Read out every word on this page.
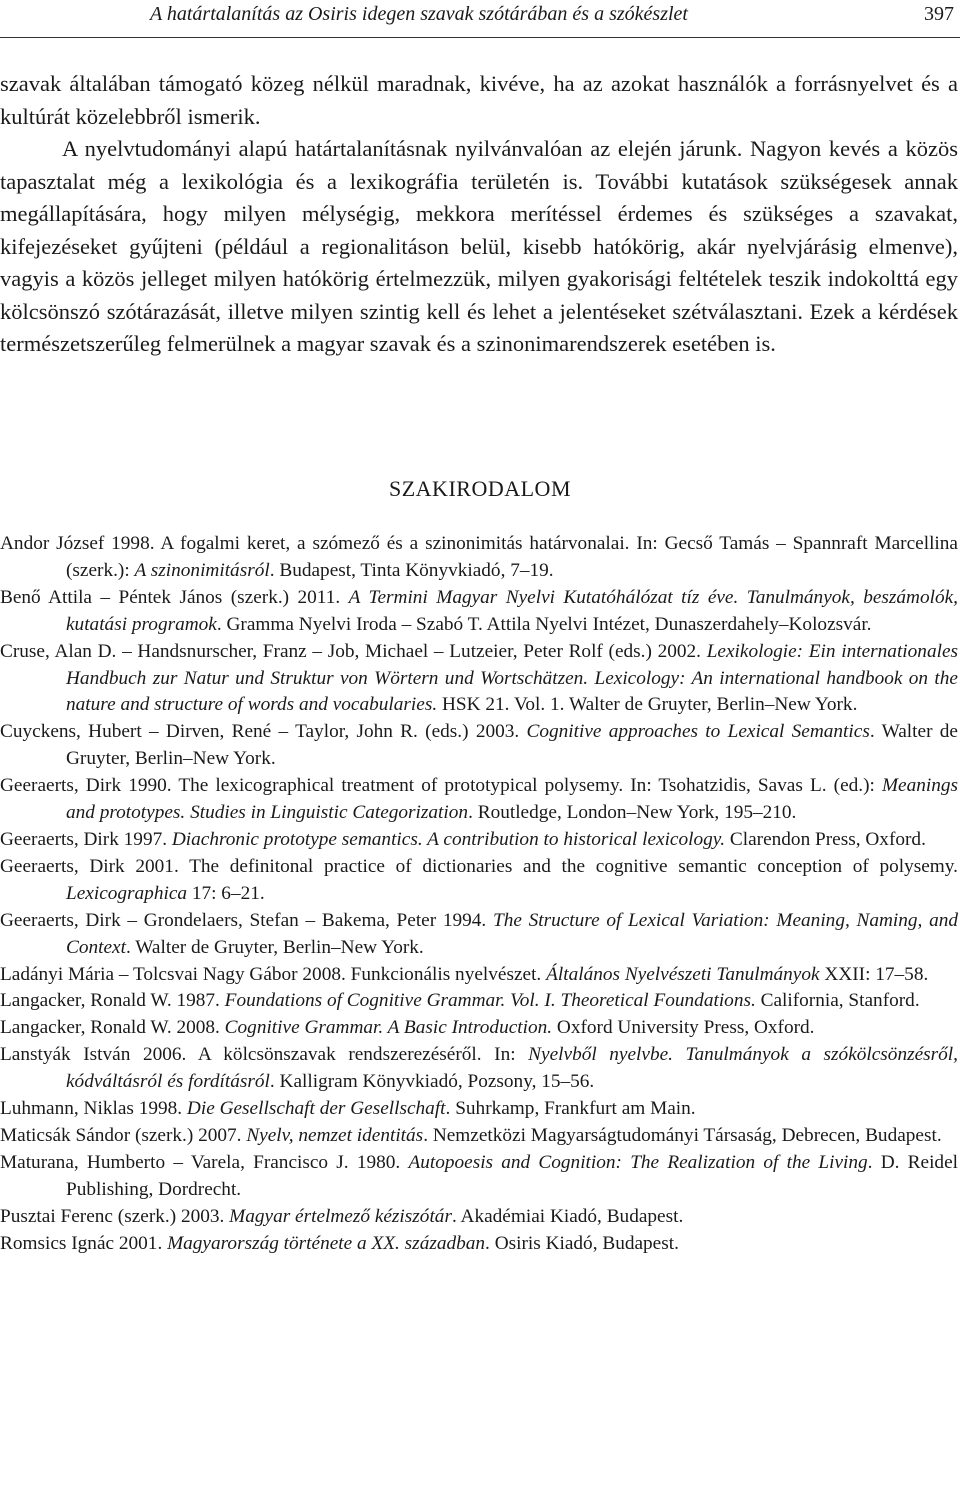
A határtalanítás az Osiris idegen szavak szótárában és a szókészlet	397

szavak általában támogató közeg nélkül maradnak, kivéve, ha az azokat használók a forrásnyelvet és a kultúrát közelebbről ismerik.

A nyelvtudományi alapú határtalanításnak nyilvánvalóan az elején járunk. Nagyon kevés a közös tapasztalat még a lexikológia és a lexikográfia területén is. További kutatások szükségesek annak megállapítására, hogy milyen mélységig, mekkora merítéssel érdemes és szükséges a szavakat, kifejezéseket gyűjteni (például a regionalitáson belül, kisebb hatókörig, akár nyelvjárásig elmenve), vagyis a közös jelleget milyen hatókörig értelmezzük, milyen gyakorisági feltételek teszik indokolttá egy kölcsönszó szótárazását, illetve milyen szintig kell és lehet a jelentéseket szétválasztani. Ezek a kérdések természetszerűleg felmerülnek a magyar szavak és a szinonimarendszerek esetében is.

SZAKIRODALOM

Andor József 1998. A fogalmi keret, a szómező és a szinonimitás határvonalai. In: Gecső Tamás – Spannraft Marcellina (szerk.): A szinonimitásról. Budapest, Tinta Könyvkiadó, 7–19.

Benő Attila – Péntek János (szerk.) 2011. A Termini Magyar Nyelvi Kutatóhálózat tíz éve. Tanulmányok, beszámolók, kutatási programok. Gramma Nyelvi Iroda – Szabó T. Attila Nyelvi Intézet, Dunaszerdahely–Kolozsvár.

Cruse, Alan D. – Handsnurscher, Franz – Job, Michael – Lutzeier, Peter Rolf (eds.) 2002. Lexikologie: Ein internationales Handbuch zur Natur und Struktur von Wörtern und Wortschätzen. Lexicology: An international handbook on the nature and structure of words and vocabularies. HSK 21. Vol. 1. Walter de Gruyter, Berlin–New York.

Cuyckens, Hubert – Dirven, René – Taylor, John R. (eds.) 2003. Cognitive approaches to Lexical Semantics. Walter de Gruyter, Berlin–New York.

Geeraerts, Dirk 1990. The lexicographical treatment of prototypical polysemy. In: Tsohatzidis, Savas L. (ed.): Meanings and prototypes. Studies in Linguistic Categorization. Routledge, London–New York, 195–210.

Geeraerts, Dirk 1997. Diachronic prototype semantics. A contribution to historical lexicology. Clarendon Press, Oxford.

Geeraerts, Dirk 2001. The definitonal practice of dictionaries and the cognitive semantic conception of polysemy. Lexicographica 17: 6–21.

Geeraerts, Dirk – Grondelaers, Stefan – Bakema, Peter 1994. The Structure of Lexical Variation: Meaning, Naming, and Context. Walter de Gruyter, Berlin–New York.

Ladányi Mária – Tolcsvai Nagy Gábor 2008. Funkcionális nyelvészet. Általános Nyelvészeti Tanulmányok XXII: 17–58.

Langacker, Ronald W. 1987. Foundations of Cognitive Grammar. Vol. I. Theoretical Foundations. California, Stanford.

Langacker, Ronald W. 2008. Cognitive Grammar. A Basic Introduction. Oxford University Press, Oxford.

Lanstyák István 2006. A kölcsönszavak rendszerezéséről. In: Nyelvből nyelvbe. Tanulmányok a szókölcsönzésről, kódváltásról és fordításról. Kalligram Könyvkiadó, Pozsony, 15–56.

Luhmann, Niklas 1998. Die Gesellschaft der Gesellschaft. Suhrkamp, Frankfurt am Main.

Maticsák Sándor (szerk.) 2007. Nyelv, nemzet identitás. Nemzetközi Magyarságtudományi Társaság, Debrecen, Budapest.

Maturana, Humberto – Varela, Francisco J. 1980. Autopoesis and Cognition: The Realization of the Living. D. Reidel Publishing, Dordrecht.

Pusztai Ferenc (szerk.) 2003. Magyar értelmező kéziszótár. Akadémiai Kiadó, Budapest.

Romsics Ignác 2001. Magyarország története a XX. században. Osiris Kiadó, Budapest.
